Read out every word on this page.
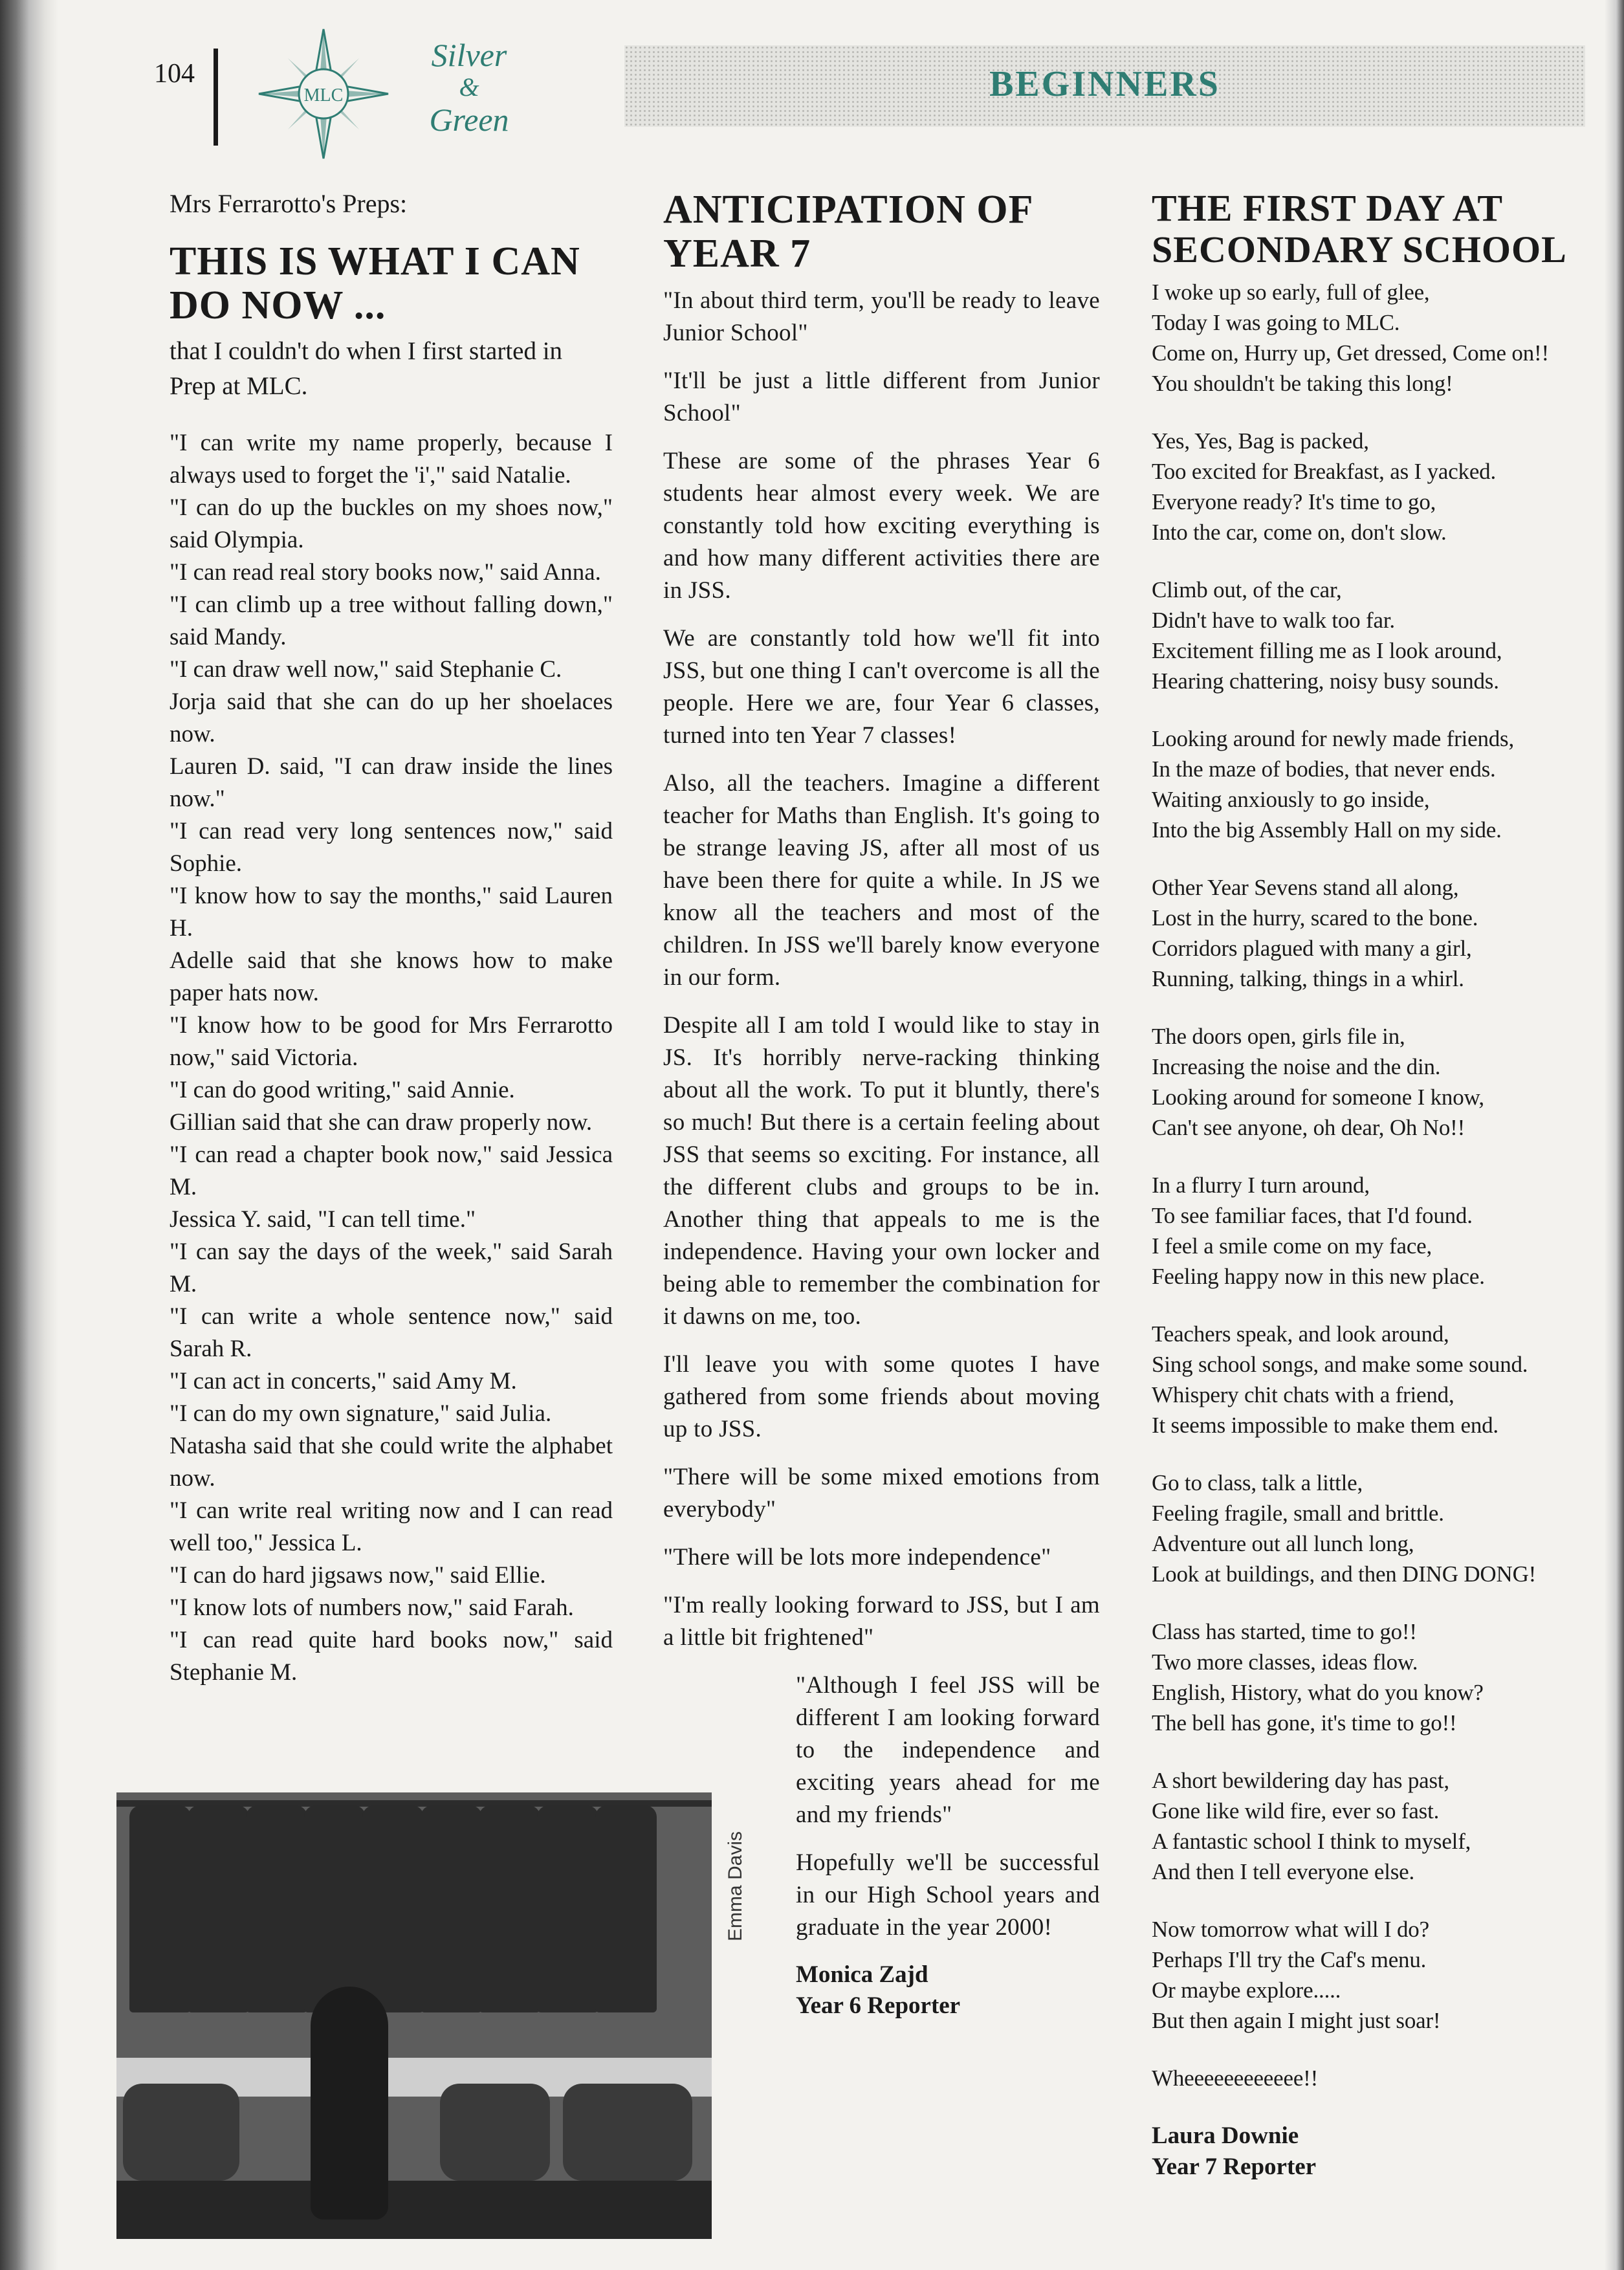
104
MLC
Silver
&
Green
BEGINNERS
Mrs Ferrarotto's Preps:
THIS IS WHAT I CAN DO NOW ...
that I couldn't do when I first started in Prep at MLC.

"I can write my name properly, because I always used to forget the 'i'," said Natalie.

"I can do up the buckles on my shoes now," said Olympia.

"I can read real story books now," said Anna.

"I can climb up a tree without falling down," said Mandy.

"I can draw well now," said Stephanie C.

Jorja said that she can do up her shoelaces now.

Lauren D. said, "I can draw inside the lines now."

"I can read very long sentences now," said Sophie.

"I know how to say the months," said Lauren H.

Adelle said that she knows how to make paper hats now.

"I know how to be good for Mrs Ferrarotto now," said Victoria.

"I can do good writing," said Annie.

Gillian said that she can draw properly now.

"I can read a chapter book now," said Jessica M.

Jessica Y. said, "I can tell time."

"I can say the days of the week," said Sarah M.

"I can write a whole sentence now," said Sarah R.

"I can act in concerts," said Amy M.

"I can do my own signature," said Julia.

Natasha said that she could write the alphabet now.

"I can write real writing now and I can read well too," Jessica L.

"I can do hard jigsaws now," said Ellie.

"I know lots of numbers now," said Farah.

"I can read quite hard books now," said Stephanie M.

Emma Davis
ANTICIPATION OF YEAR 7

"In about third term, you'll be ready to leave Junior School"

"It'll be just a little different from Junior School"

These are some of the phrases Year 6 students hear almost every week. We are constantly told how exciting everything is and how many different activities there are in JSS.

We are constantly told how we'll fit into JSS, but one thing I can't overcome is all the people. Here we are, four Year 6 classes, turned into ten Year 7 classes!

Also, all the teachers. Imagine a different teacher for Maths than English. It's going to be strange leaving JS, after all most of us have been there for quite a while. In JS we know all the teachers and most of the children. In JSS we'll barely know everyone in our form.

Despite all I am told I would like to stay in JS. It's horribly nerve-racking thinking about all the work. To put it bluntly, there's so much! But there is a certain feeling about JSS that seems so exciting. For instance, all the different clubs and groups to be in. Another thing that appeals to me is the independence. Having your own locker and being able to remember the combination for it dawns on me, too.

I'll leave you with some quotes I have gathered from some friends about moving up to JSS.

"There will be some mixed emotions from everybody"

"There will be lots more independence"

"I'm really looking forward to JSS, but I am a little bit frightened"

"Although I feel JSS will be different I am looking forward to the independence and exciting years ahead for me and my friends"

Hopefully we'll be successful in our High School years and graduate in the year 2000!

Monica Zajd
Year 6 Reporter
THE FIRST DAY AT SECONDARY SCHOOL
I woke up so early, full of glee,
Today I was going to MLC.
Come on, Hurry up, Get dressed, Come on!!
You shouldn't be taking this long!
Yes, Yes, Bag is packed,
Too excited for Breakfast, as I yacked.
Everyone ready? It's time to go,
Into the car, come on, don't slow.
Climb out, of the car,
Didn't have to walk too far.
Excitement filling me as I look around,
Hearing chattering, noisy busy sounds.
Looking around for newly made friends,
In the maze of bodies, that never ends.
Waiting anxiously to go inside,
Into the big Assembly Hall on my side.
Other Year Sevens stand all along,
Lost in the hurry, scared to the bone.
Corridors plagued with many a girl,
Running, talking, things in a whirl.
The doors open, girls file in,
Increasing the noise and the din.
Looking around for someone I know,
Can't see anyone, oh dear, Oh No!!
In a flurry I turn around,
To see familiar faces, that I'd found.
I feel a smile come on my face,
Feeling happy now in this new place.
Teachers speak, and look around,
Sing school songs, and make some sound.
Whispery chit chats with a friend,
It seems impossible to make them end.
Go to class, talk a little,
Feeling fragile, small and brittle.
Adventure out all lunch long,
Look at buildings, and then DING DONG!
Class has started, time to go!!
Two more classes, ideas flow.
English, History, what do you know?
The bell has gone, it's time to go!!
A short bewildering day has past,
Gone like wild fire, ever so fast.
A fantastic school I think to myself,
And then I tell everyone else.
Now tomorrow what will I do?
Perhaps I'll try the Caf's menu.
Or maybe explore.....
But then again I might just soar!
Wheeeeeeeeeeee!!
Laura Downie
Year 7 Reporter
